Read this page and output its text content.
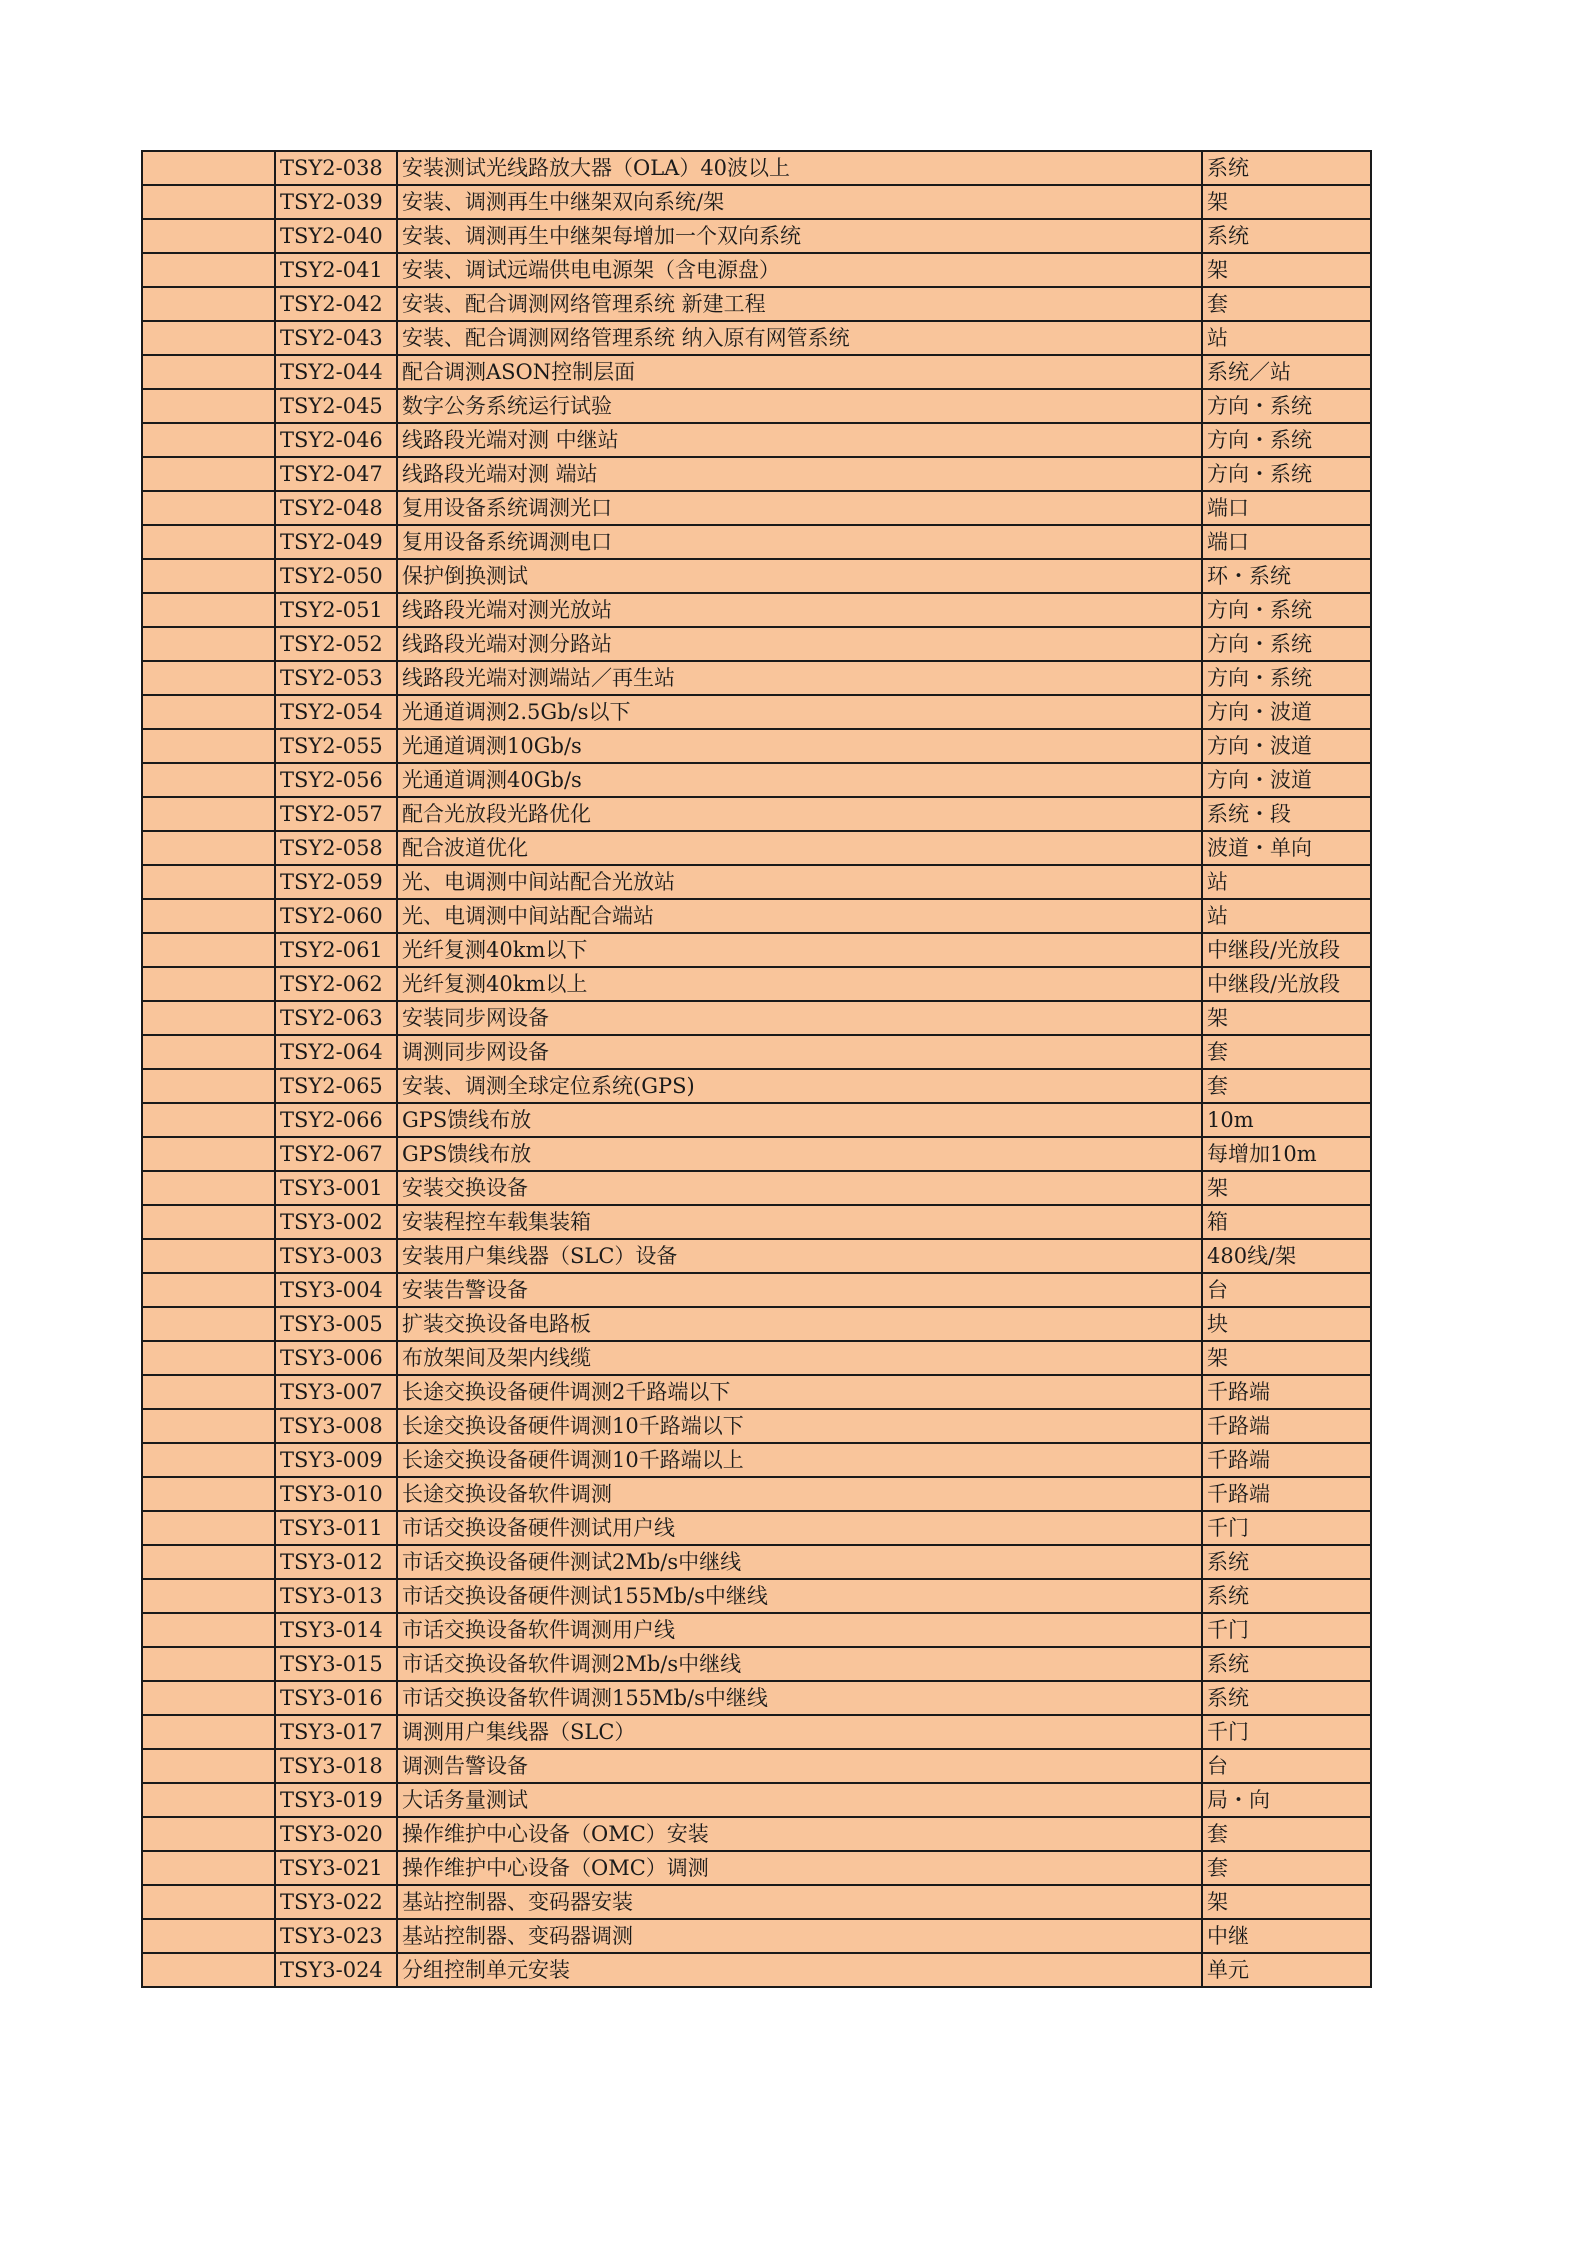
	TSY2-038	安装测试光线路放大器（OLA）40波以上	系统
	TSY2-039	安装、调测再生中继架双向系统/架	架
	TSY2-040	安装、调测再生中继架每增加一个双向系统	系统
	TSY2-041	安装、调试远端供电电源架（含电源盘）	架
	TSY2-042	安装、配合调测网络管理系统 新建工程	套
	TSY2-043	安装、配合调测网络管理系统 纳入原有网管系统	站
	TSY2-044	配合调测ASON控制层面	系统／站
	TSY2-045	数字公务系统运行试验	方向・系统
	TSY2-046	线路段光端对测 中继站	方向・系统
	TSY2-047	线路段光端对测 端站	方向・系统
	TSY2-048	复用设备系统调测光口	端口
	TSY2-049	复用设备系统调测电口	端口
	TSY2-050	保护倒换测试	环・系统
	TSY2-051	线路段光端对测光放站	方向・系统
	TSY2-052	线路段光端对测分路站	方向・系统
	TSY2-053	线路段光端对测端站／再生站	方向・系统
	TSY2-054	光通道调测2.5Gb/s以下	方向・波道
	TSY2-055	光通道调测10Gb/s	方向・波道
	TSY2-056	光通道调测40Gb/s	方向・波道
	TSY2-057	配合光放段光路优化	系统・段
	TSY2-058	配合波道优化	波道・单向
	TSY2-059	光、电调测中间站配合光放站	站
	TSY2-060	光、电调测中间站配合端站	站
	TSY2-061	光纤复测40km以下	中继段/光放段
	TSY2-062	光纤复测40km以上	中继段/光放段
	TSY2-063	安装同步网设备	架
	TSY2-064	调测同步网设备	套
	TSY2-065	安装、调测全球定位系统(GPS)	套
	TSY2-066	GPS馈线布放	10m
	TSY2-067	GPS馈线布放	每增加10m
	TSY3-001	安装交换设备	架
	TSY3-002	安装程控车载集装箱	箱
	TSY3-003	安装用户集线器（SLC）设备	480线/架
	TSY3-004	安装告警设备	台
	TSY3-005	扩装交换设备电路板	块
	TSY3-006	布放架间及架内线缆	架
	TSY3-007	长途交换设备硬件调测2千路端以下	千路端
	TSY3-008	长途交换设备硬件调测10千路端以下	千路端
	TSY3-009	长途交换设备硬件调测10千路端以上	千路端
	TSY3-010	长途交换设备软件调测	千路端
	TSY3-011	市话交换设备硬件测试用户线	千门
	TSY3-012	市话交换设备硬件测试2Mb/s中继线	系统
	TSY3-013	市话交换设备硬件测试155Mb/s中继线	系统
	TSY3-014	市话交换设备软件调测用户线	千门
	TSY3-015	市话交换设备软件调测2Mb/s中继线	系统
	TSY3-016	市话交换设备软件调测155Mb/s中继线	系统
	TSY3-017	调测用户集线器（SLC）	千门
	TSY3-018	调测告警设备	台
	TSY3-019	大话务量测试	局・向
	TSY3-020	操作维护中心设备（OMC）安装	套
	TSY3-021	操作维护中心设备（OMC）调测	套
	TSY3-022	基站控制器、变码器安装	架
	TSY3-023	基站控制器、变码器调测	中继
	TSY3-024	分组控制单元安装	单元
